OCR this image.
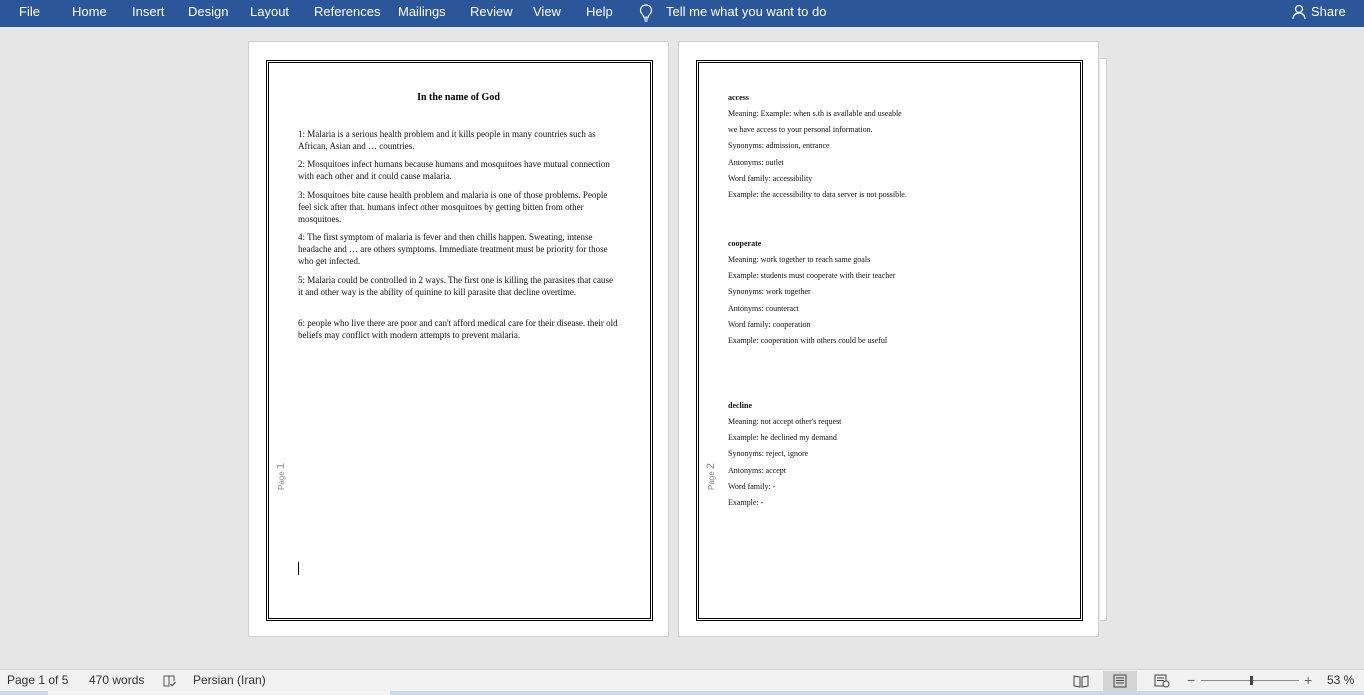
File Home Insert Design Layout References Mailings Review View Help	Tell me what you want to do	Share
Page 1
In the name of God
1: Malaria is a serious health problem and it kills people in many countries such as African, Asian and … countries.
2: Mosquitoes infect humans because humans and mosquitoes have mutual connection with each other and it could cause malaria.
3: Mosquitoes bite cause health problem and malaria is one of those problems. People feel sick after that. humans infect other mosquitoes by getting bitten from other mosquitoes.
4: The first symptom of malaria is fever and then chills happen. Sweating, intense headache and … are others symptoms. Immediate treatment must be priority for those who get infected.
5: Malaria could be controlled in 2 ways. The first one is killing the parasites that cause it and other way is the ability of quinine to kill parasite that decline overtime.
6: people who live there are poor and can't afford medical care for their disease. their old beliefs may conflict with modern attempts to prevent malaria.
Page 2
access
Meaning: Example: when s.th is available and useable
we have access to your personal information.
Synonyms: admission, entrance
Antonyms: outlet
Word family: accessibility
Example: the accessibility to data server is not possible.
cooperate
Meaning: work together to reach same goals
Example: students must cooperate with their teacher
Synonyms: work together
Antonyms: counteract
Word family: cooperation
Example: cooperation with others could be useful
decline
Meaning: not accept other's request
Example: he declined my demand
Synonyms: reject, ignore
Antonyms: accept
Word family: -
Example: -
Page 1 of 5 470 words	Persian (Iran)	−	+ 53 %
